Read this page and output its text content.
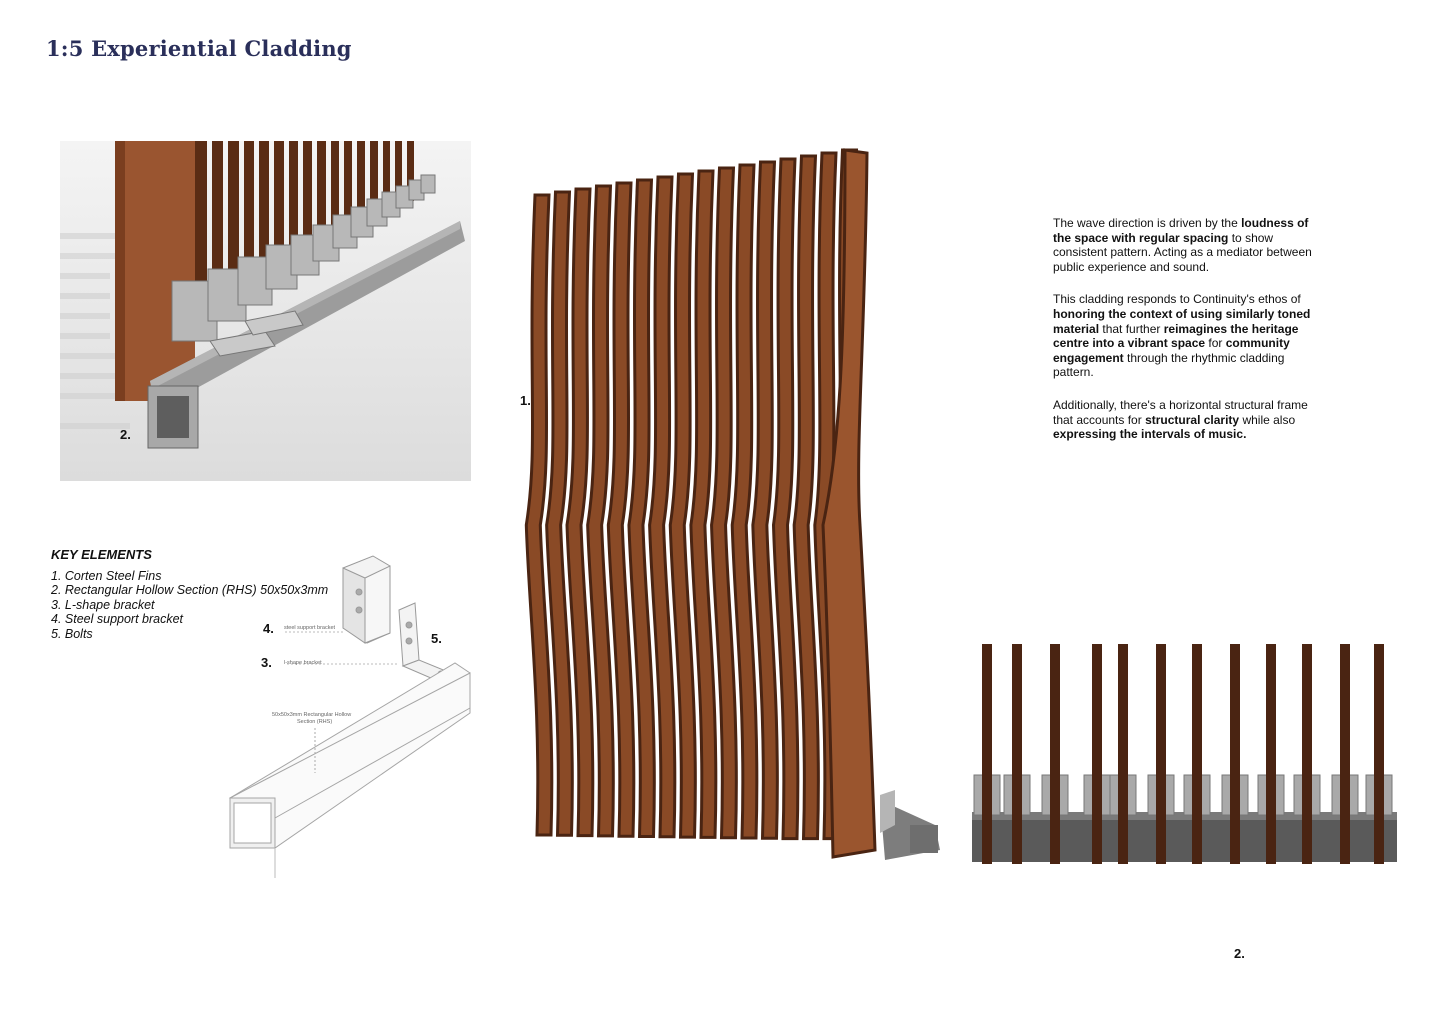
1:5 Experiential Cladding
2.
KEY ELEMENTS
1. Corten Steel Fins
2. Rectangular Hollow Section (RHS) 50x50x3mm
3. L-shape bracket
4. Steel support bracket
5. Bolts	4. steel support bracket
5.
3. l-shape bracket
50x50x3mm Rectangular Hollow
Section (RHS)
1.

The wave direction is driven by the loudness of the space with regular spacing to show consistent pattern. Acting as a mediator between public experience and sound.

This cladding responds to Continuity's ethos of honoring the context of using similarly toned material that further reimagines the heritage centre into a vibrant space for community engagement through the rhythmic cladding pattern.

Additionally, there's a horizontal structural frame that accounts for structural clarity while also expressing the intervals of music.

2.
